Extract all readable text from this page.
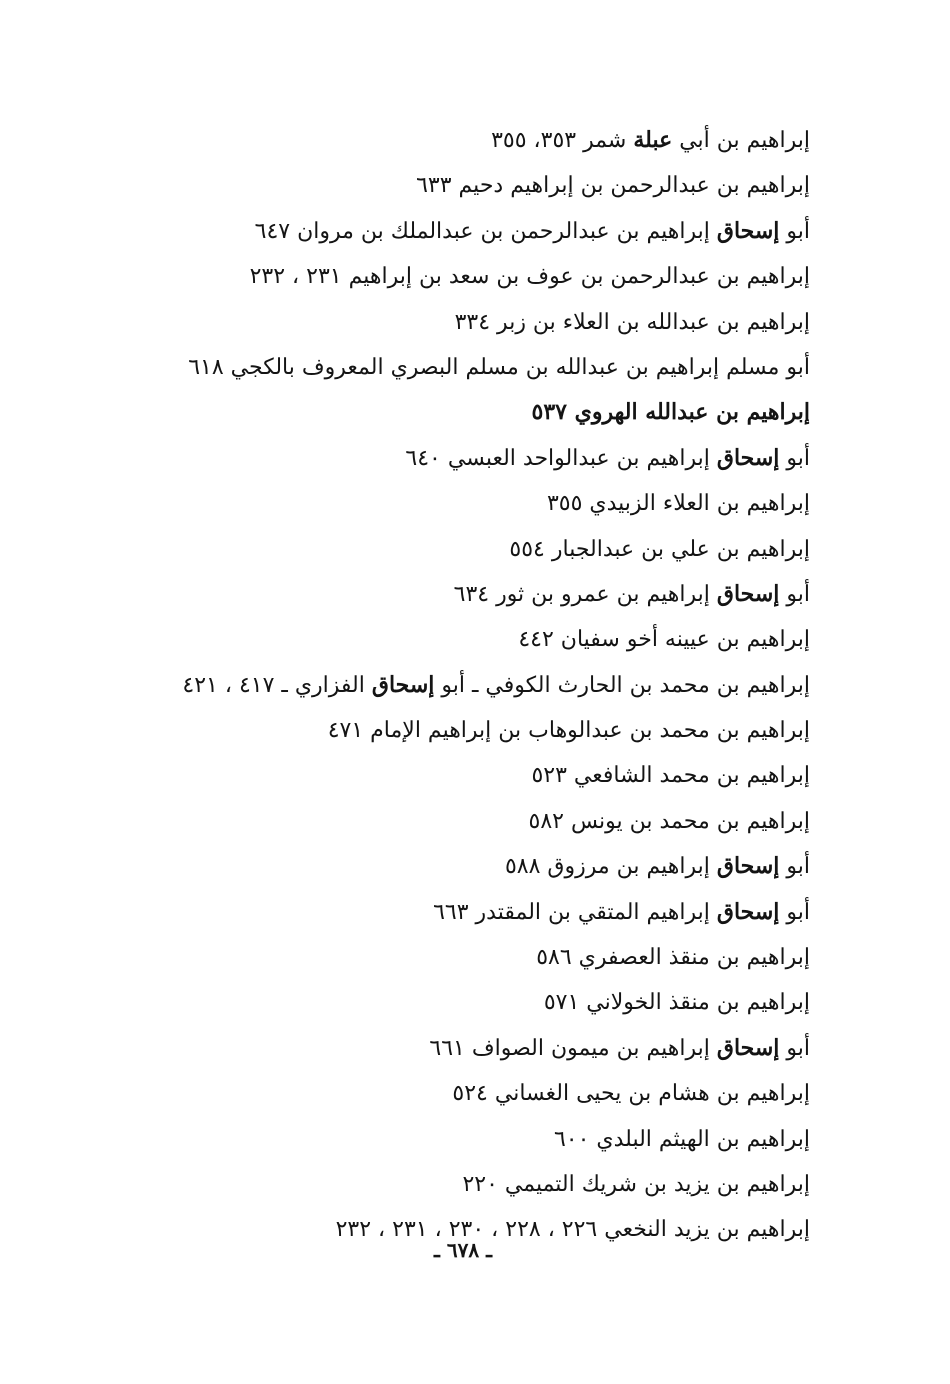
إبراهيم بن أبي عبلة شمر ٣٥٣، ٣٥٥
إبراهيم بن عبدالرحمن بن إبراهيم دحيم ٦٣٣
أبو إسحاق إبراهيم بن عبدالرحمن بن عبدالملك بن مروان ٦٤٧
إبراهيم بن عبدالرحمن بن عوف بن سعد بن إبراهيم ٢٣١ ، ٢٣٢
إبراهيم بن عبدالله بن العلاء بن زبر ٣٣٤
أبو مسلم إبراهيم بن عبدالله بن مسلم البصري المعروف بالكجي ٦١٨
إبراهيم بن عبدالله الهروي ٥٣٧
أبو إسحاق إبراهيم بن عبدالواحد العبسي ٦٤٠
إبراهيم بن العلاء الزبيدي ٣٥٥
إبراهيم بن علي بن عبدالجبار ٥٥٤
أبو إسحاق إبراهيم بن عمرو بن ثور ٦٣٤
إبراهيم بن عيينه أخو سفيان ٤٤٢
إبراهيم بن محمد بن الحارث الكوفي ـ أبو إسحاق الفزاري ـ ٤١٧ ، ٤٢١
إبراهيم بن محمد بن عبدالوهاب بن إبراهيم الإمام ٤٧١
إبراهيم بن محمد الشافعي ٥٢٣
إبراهيم بن محمد بن يونس ٥٨٢
أبو إسحاق إبراهيم بن مرزوق ٥٨٨
أبو إسحاق إبراهيم المتقي بن المقتدر ٦٦٣
إبراهيم بن منقذ العصفري ٥٨٦
إبراهيم بن منقذ الخولاني ٥٧١
أبو إسحاق إبراهيم بن ميمون الصواف ٦٦١
إبراهيم بن هشام بن يحيى الغساني ٥٢٤
إبراهيم بن الهيثم البلدي ٦٠٠
إبراهيم بن يزيد بن شريك التميمي ٢٢٠
إبراهيم بن يزيد النخعي ٢٢٦ ، ٢٢٨ ، ٢٣٠ ، ٢٣١ ، ٢٣٢
ـ ٦٧٨ ـ
